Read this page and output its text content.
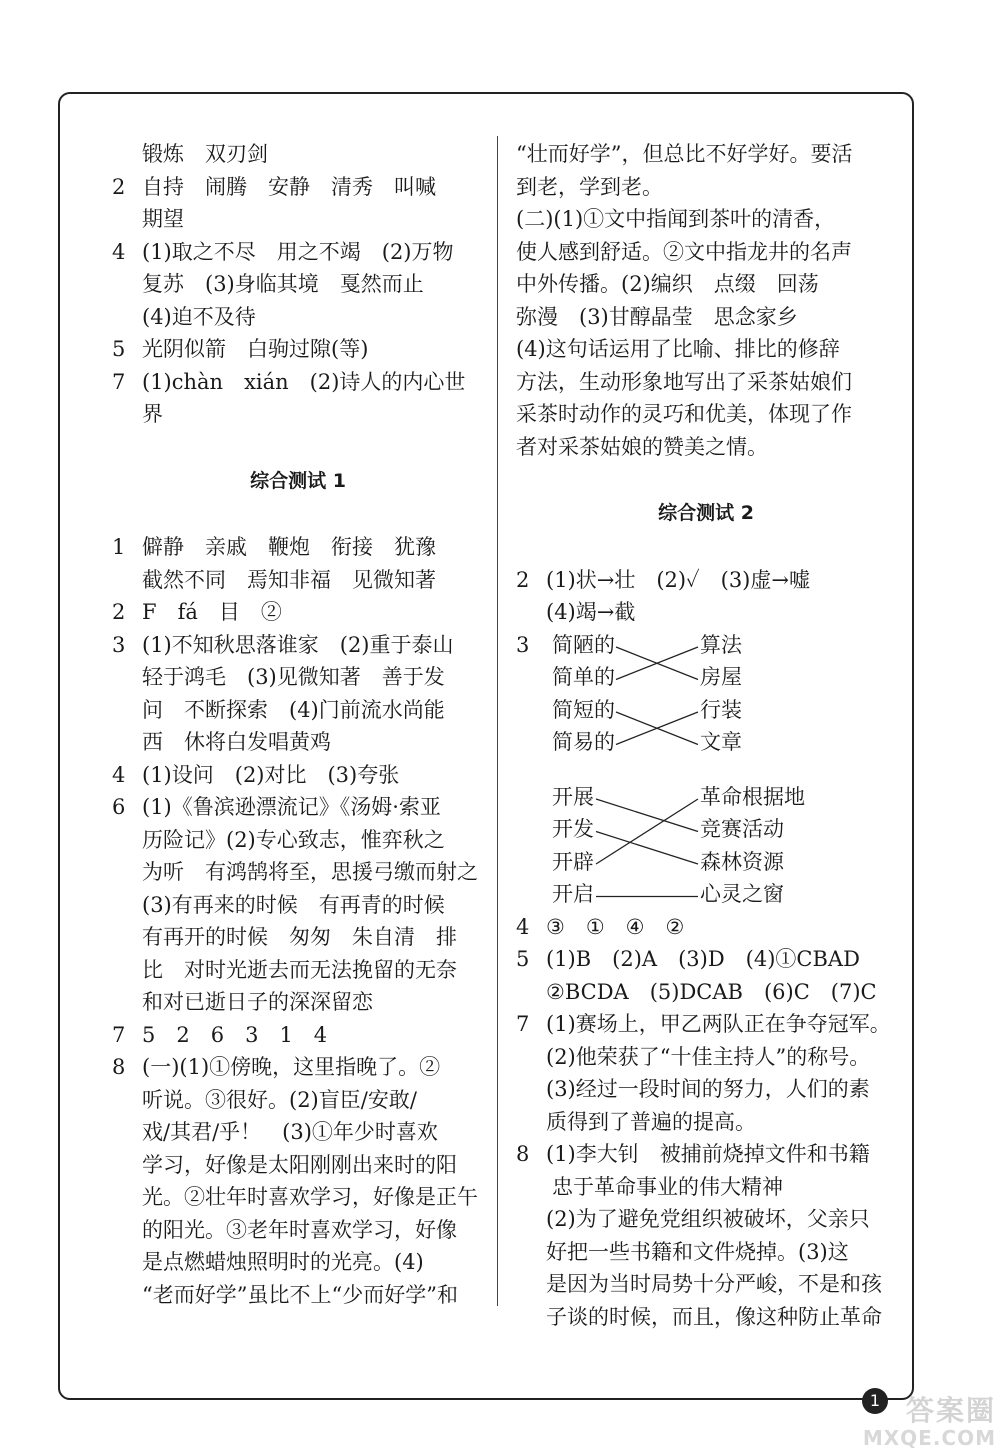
锻炼　双刃剑
2 自持　闹腾　安静　清秀　叫喊
期望
4 (1)取之不尽　用之不竭　(2)万物
复苏　(3)身临其境　戛然而止
(4)迫不及待
5 光阴似箭　白驹过隙(等)
7 (1)chàn　xián　(2)诗人的内心世
界
综合测试 1
1 僻静　亲戚　鞭炮　衔接　犹豫
截然不同　焉知非福　见微知著
2 F　fá　目　②
3 (1)不知秋思落谁家　(2)重于泰山
轻于鸿毛　(3)见微知著　善于发
问　不断探索　(4)门前流水尚能
西　休将白发唱黄鸡
4 (1)设问　(2)对比　(3)夸张
6 (1)《鲁滨逊漂流记》《汤姆·索亚
历险记》(2)专心致志，惟弈秋之
为听　有鸿鹄将至，思援弓缴而射之
(3)有再来的时候　有再青的时候
有再开的时候　匆匆　朱自清　排
比　对时光逝去而无法挽留的无奈
和对已逝日子的深深留恋
7 5　2　6　3　1　4
8 (一)(1)①傍晚，这里指晚了。②
听说。③很好。(2)盲臣/安敢/
戏/其君/乎！　(3)①年少时喜欢
学习，好像是太阳刚刚出来时的阳
光。②壮年时喜欢学习，好像是正午
的阳光。③老年时喜欢学习，好像
是点燃蜡烛照明时的光亮。(4)
“老而好学”虽比不上“少而好学”和
“壮而好学”，但总比不好学好。要活
到老，学到老。
(二)(1)①文中指闻到茶叶的清香，
使人感到舒适。②文中指龙井的名声
中外传播。(2)编织　点缀　回荡
弥漫　(3)甘醇晶莹　思念家乡
(4)这句话运用了比喻、排比的修辞
方法，生动形象地写出了采茶姑娘们
采茶时动作的灵巧和优美，体现了作
者对采茶姑娘的赞美之情。
综合测试 2
2 (1)状→壮　(2)✓　(3)虚→嘘
(4)竭→截
3 简陋的
简单的
简短的
简易的
算法
房屋
行装
文章
开展
开发
开辟
开启
革命根据地
竞赛活动
森林资源
心灵之窗
4 ③　①　④　②
5 (1)B　(2)A　(3)D　(4)①CBAD
②BCDA　(5)DCAB　(6)C　(7)C
7 (1)赛场上，甲乙两队正在争夺冠军。
(2)他荣获了“十佳主持人”的称号。
(3)经过一段时间的努力，人们的素
质得到了普遍的提高。
8 (1)李大钊　被捕前烧掉文件和书籍
忠于革命事业的伟大精神
(2)为了避免党组织被破坏，父亲只
好把一些书籍和文件烧掉。(3)这
是因为当时局势十分严峻，不是和孩
子谈的时候，而且，像这种防止革命
1 答案圈
MXQE.COM
